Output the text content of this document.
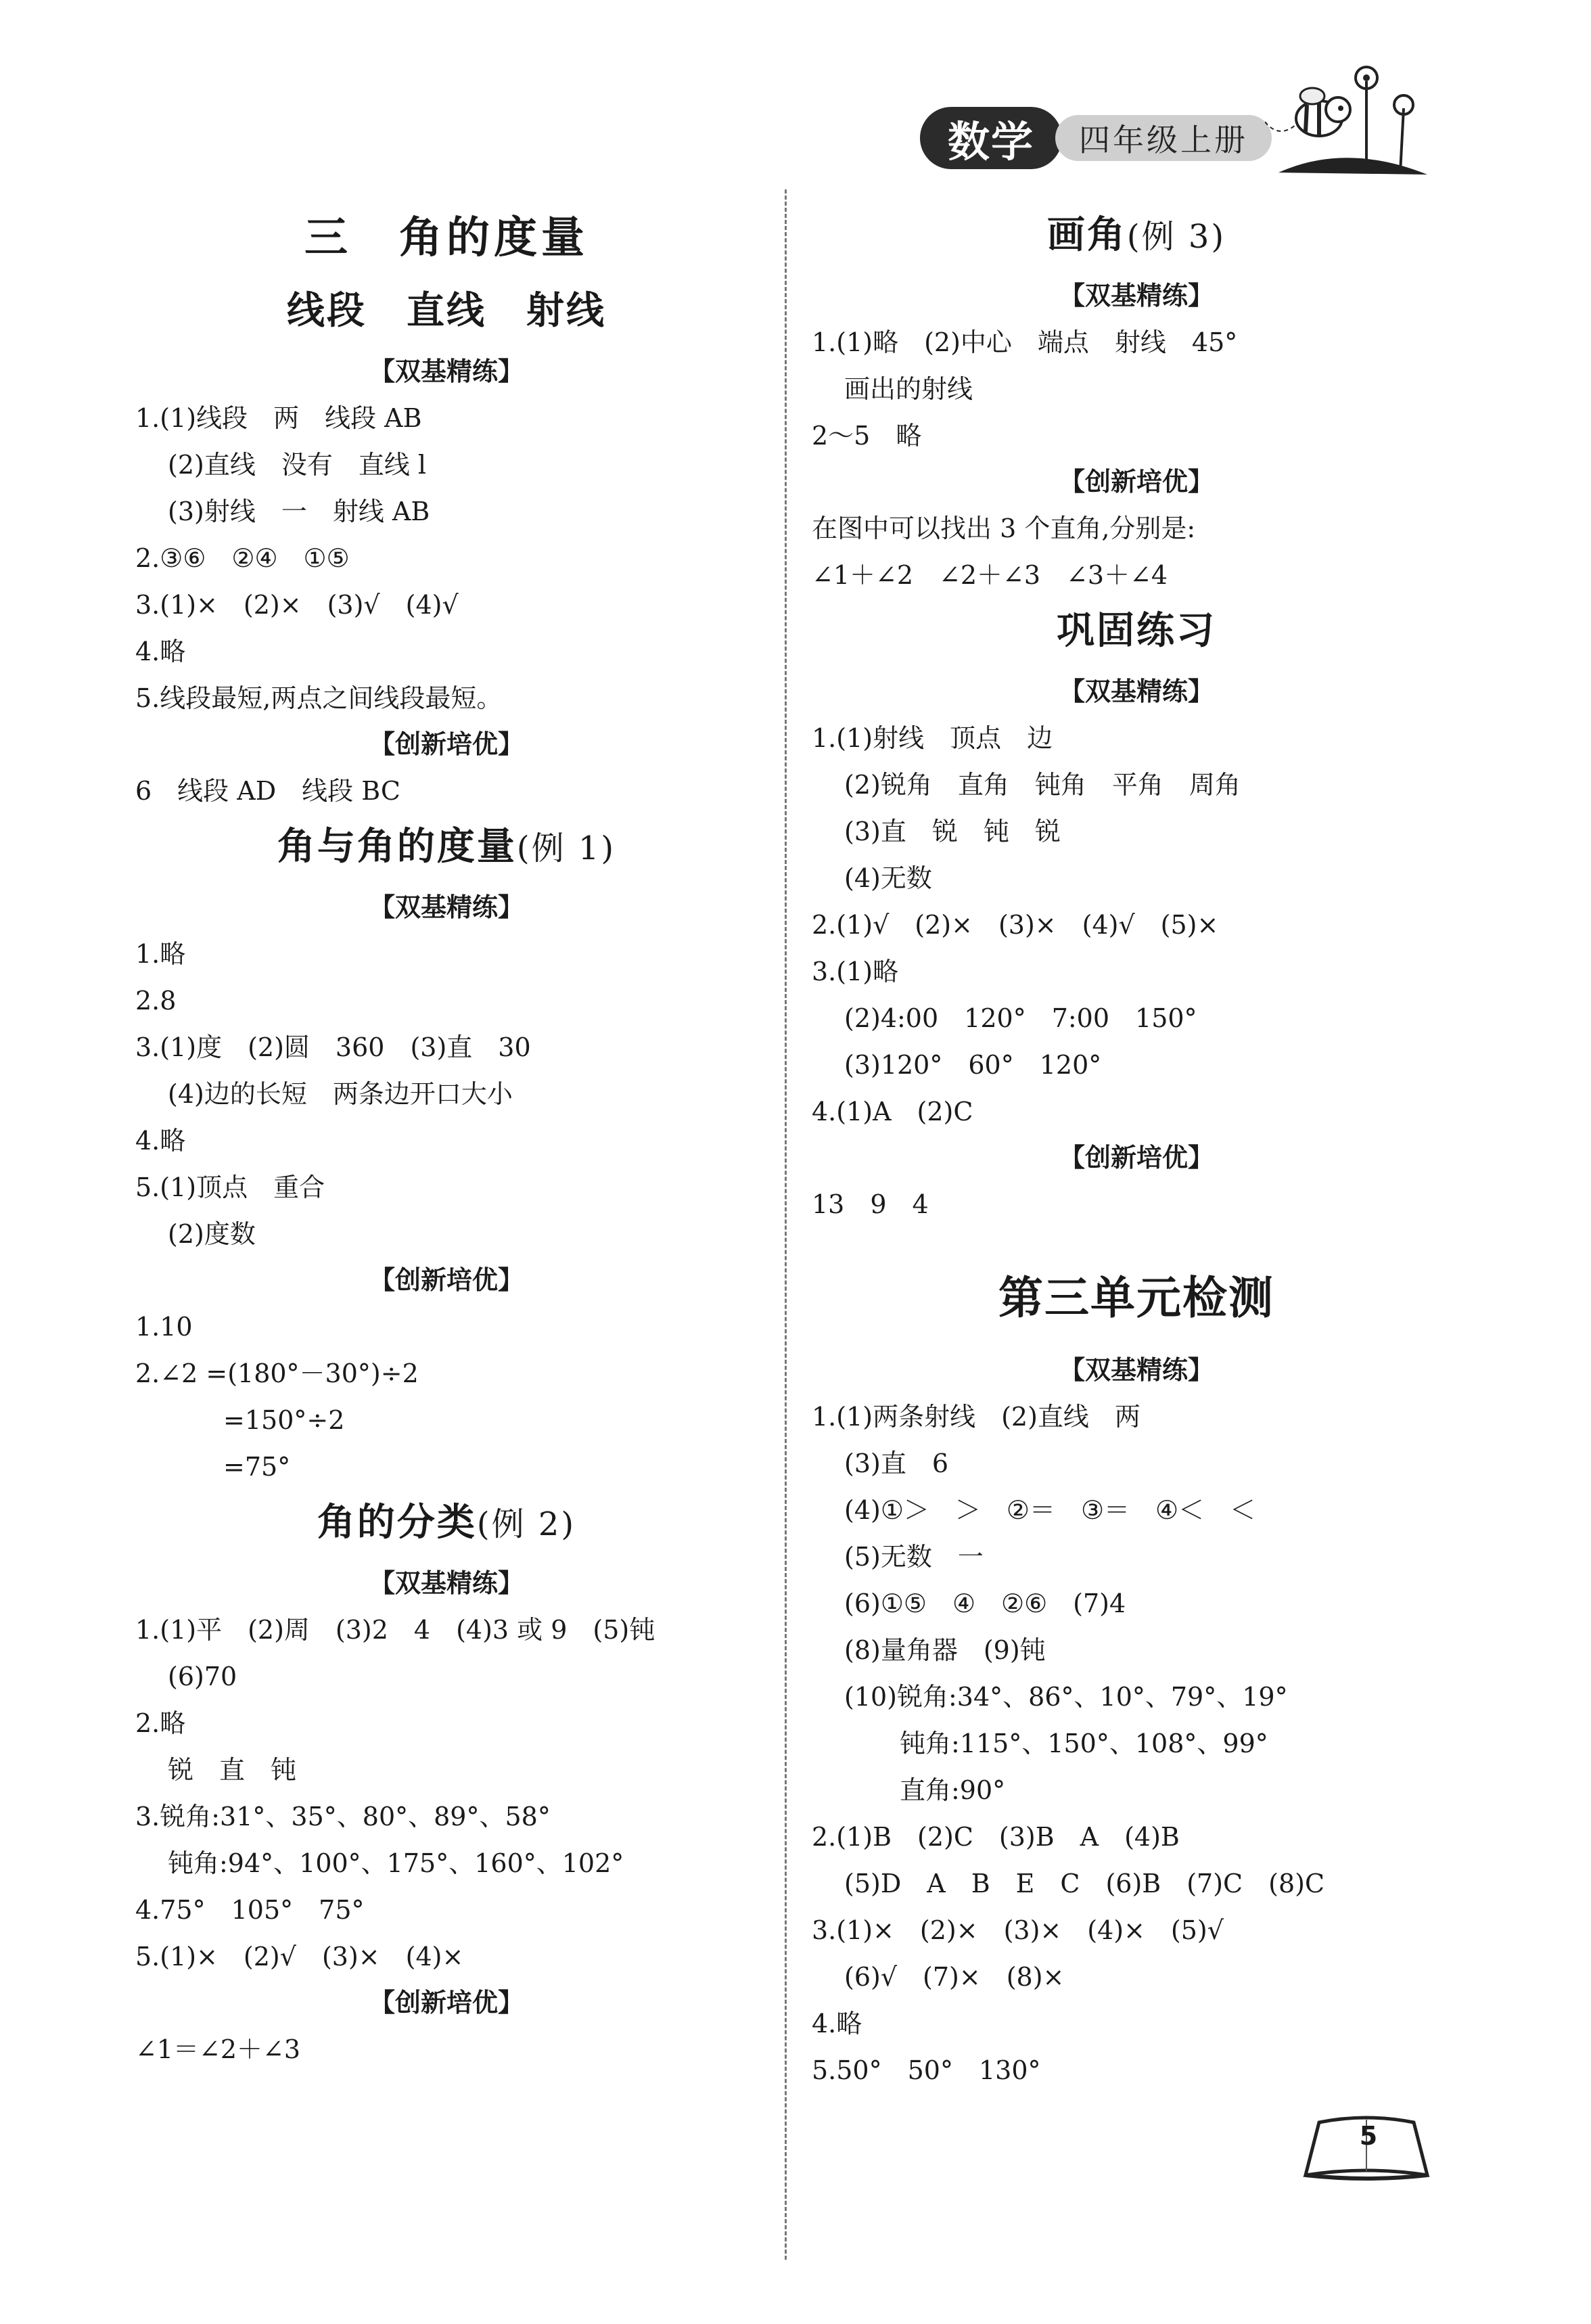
数学	四年级上册
三　角的度量
线段　直线　射线
【双基精练】
1.(1)线段　两　线段 AB
(2)直线　没有　直线 l
(3)射线　一　射线 AB
2.③⑥　②④　①⑤
3.(1)×　(2)×　(3)√　(4)√
4.略
5.线段最短,两点之间线段最短。
【创新培优】
6　线段 AD　线段 BC
角与角的度量(例 1)
【双基精练】
1.略
2.8
3.(1)度　(2)圆　360　(3)直　30
(4)边的长短　两条边开口大小
4.略
5.(1)顶点　重合
(2)度数
【创新培优】
1.10
2.∠2 =(180°－30°)÷2
=150°÷2
=75°
角的分类(例 2)
【双基精练】
1.(1)平　(2)周　(3)2　4　(4)3 或 9　(5)钝
(6)70
2.略
锐　直　钝
3.锐角:31°、35°、80°、89°、58°
钝角:94°、100°、175°、160°、102°
4.75°　105°　75°
5.(1)×　(2)√　(3)×　(4)×
【创新培优】
∠1＝∠2＋∠3
画角(例 3)
【双基精练】
1.(1)略　(2)中心　端点　射线　45°
画出的射线
2～5　略
【创新培优】
在图中可以找出 3 个直角,分别是:
∠1＋∠2　∠2＋∠3　∠3＋∠4
巩固练习
【双基精练】
1.(1)射线　顶点　边
(2)锐角　直角　钝角　平角　周角
(3)直　锐　钝　锐
(4)无数
2.(1)√　(2)×　(3)×　(4)√　(5)×
3.(1)略
(2)4:00　120°　7:00　150°
(3)120°　60°　120°
4.(1)A　(2)C
【创新培优】
13　9　4
第三单元检测
【双基精练】
1.(1)两条射线　(2)直线　两
(3)直　6
(4)①＞　＞　②＝　③＝　④＜　＜
(5)无数　一
(6)①⑤　④　②⑥　(7)4
(8)量角器　(9)钝
(10)锐角:34°、86°、10°、79°、19°
钝角:115°、150°、108°、99°
直角:90°
2.(1)B　(2)C　(3)B　A　(4)B
(5)D　A　B　E　C　(6)B　(7)C　(8)C
3.(1)×　(2)×　(3)×　(4)×　(5)√
(6)√　(7)×　(8)×
4.略
5.50°　50°　130°
5
